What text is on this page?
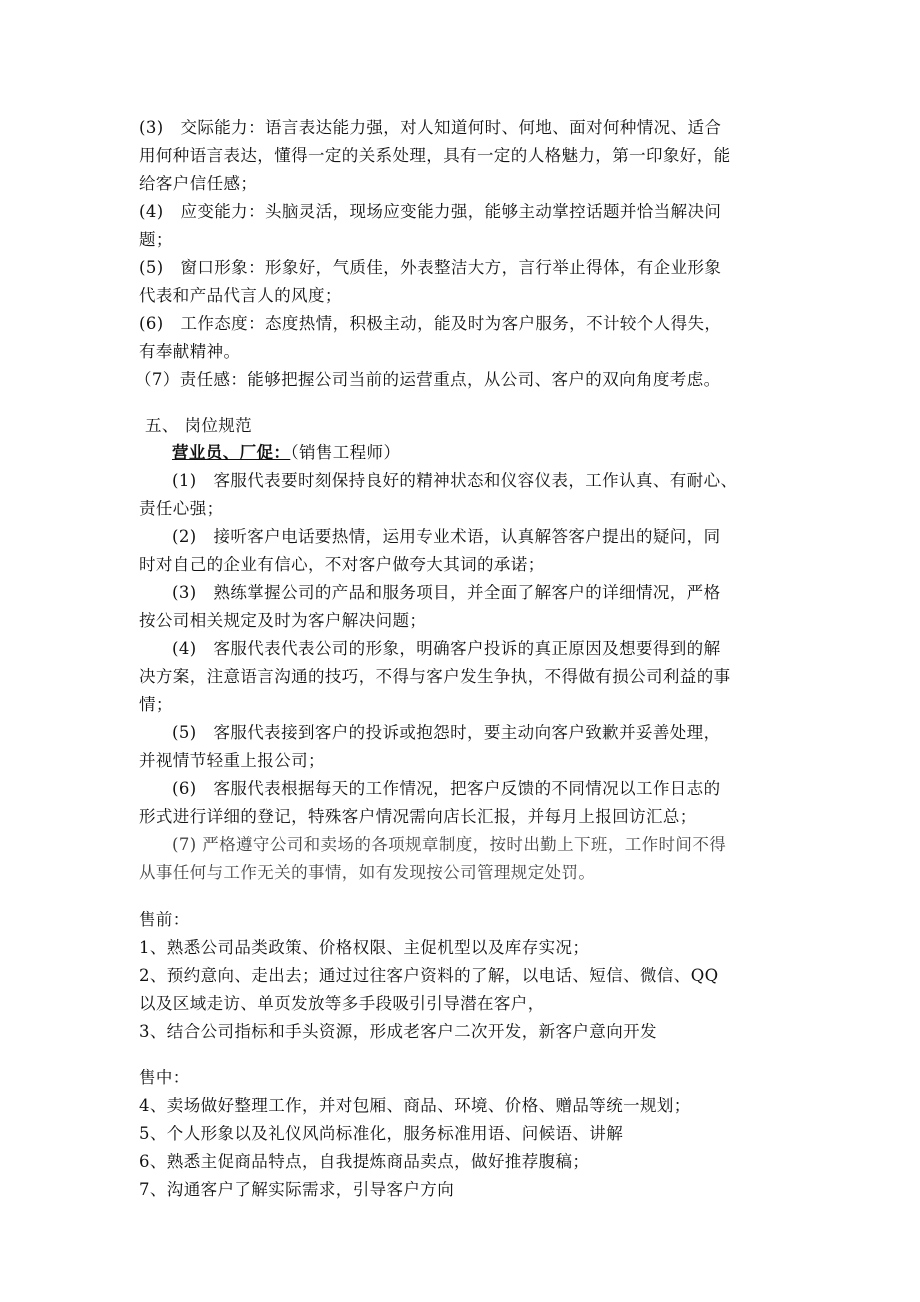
(3)　交际能力：语言表达能力强，对人知道何时、何地、面对何种情况、适合
用何种语言表达，懂得一定的关系处理，具有一定的人格魅力，第一印象好，能
给客户信任感；
(4)　应变能力：头脑灵活，现场应变能力强，能够主动掌控话题并恰当解决问
题；
(5)　窗口形象：形象好，气质佳，外表整洁大方，言行举止得体，有企业形象
代表和产品代言人的风度；
(6)　工作态度：态度热情，积极主动，能及时为客户服务，不计较个人得失，
有奉献精神。
（7）责任感：能够把握公司当前的运营重点，从公司、客户的双向角度考虑。
五、 岗位规范
营业员、厂促：（销售工程师）
(1)　客服代表要时刻保持良好的精神状态和仪容仪表，工作认真、有耐心、
责任心强；
(2)　接听客户电话要热情，运用专业术语，认真解答客户提出的疑问，同
时对自己的企业有信心，不对客户做夸大其词的承诺；
(3)　熟练掌握公司的产品和服务项目，并全面了解客户的详细情况，严格
按公司相关规定及时为客户解决问题；
(4)　客服代表代表公司的形象，明确客户投诉的真正原因及想要得到的解
决方案，注意语言沟通的技巧，不得与客户发生争执，不得做有损公司利益的事
情；
(5)　客服代表接到客户的投诉或抱怨时，要主动向客户致歉并妥善处理，
并视情节轻重上报公司；
(6)　客服代表根据每天的工作情况，把客户反馈的不同情况以工作日志的
形式进行详细的登记，特殊客户情况需向店长汇报，并每月上报回访汇总；
(7) 严格遵守公司和卖场的各项规章制度，按时出勤上下班，工作时间不得
从事任何与工作无关的事情，如有发现按公司管理规定处罚。
售前：
1、熟悉公司品类政策、价格权限、主促机型以及库存实况；
2、预约意向、走出去；通过过往客户资料的了解，以电话、短信、微信、QQ
以及区域走访、单页发放等多手段吸引引导潜在客户，
3、结合公司指标和手头资源，形成老客户二次开发，新客户意向开发
售中：
4、卖场做好整理工作，并对包厢、商品、环境、价格、赠品等统一规划；
5、个人形象以及礼仪风尚标准化，服务标准用语、问候语、讲解
6、熟悉主促商品特点，自我提炼商品卖点，做好推荐腹稿；
7、沟通客户了解实际需求，引导客户方向
